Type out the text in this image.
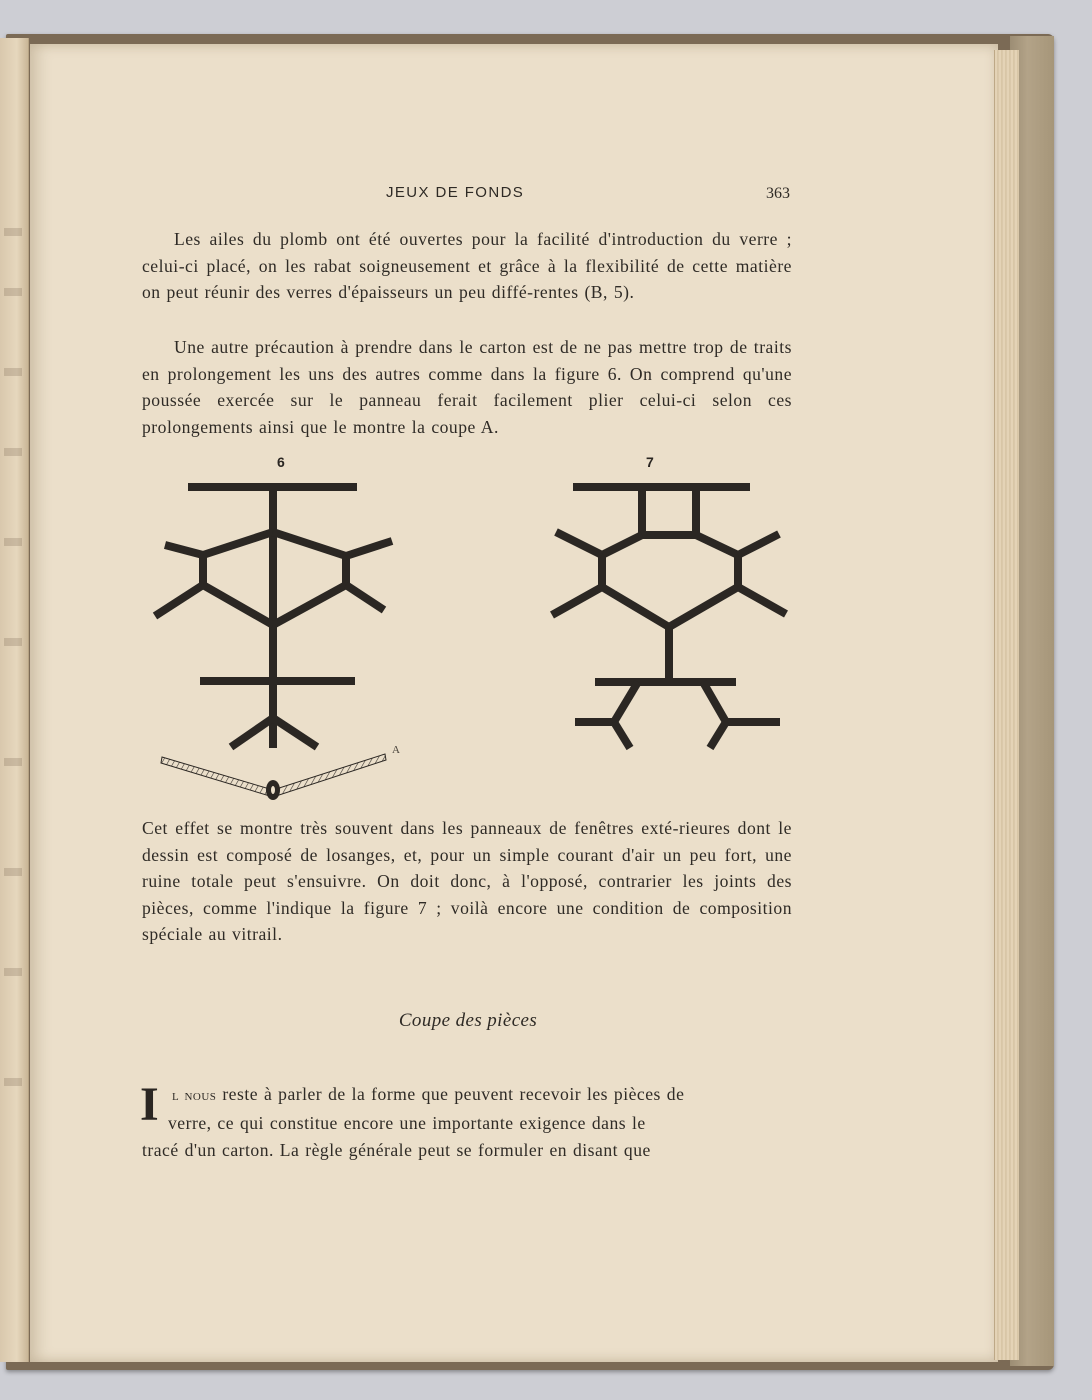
JEUX DE FONDS	363

Les ailes du plomb ont été ouvertes pour la facilité d'introduction du verre ; celui-ci placé, on les rabat soigneusement et grâce à la flexibilité de cette matière on peut réunir des verres d'épaisseurs un peu diffé-rentes (B, 5).

Une autre précaution à prendre dans le carton est de ne pas mettre trop de traits en prolongement les uns des autres comme dans la figure 6. On comprend qu'une poussée exercée sur le panneau ferait facilement plier celui-ci selon ces prolongements ainsi que le montre la coupe A.

6	7
A

Cet effet se montre très souvent dans les panneaux de fenêtres exté-rieures dont le dessin est composé de losanges, et, pour un simple courant d'air un peu fort, une ruine totale peut s'ensuivre. On doit donc, à l'opposé, contrarier les joints des pièces, comme l'indique la figure 7 ; voilà encore une condition de composition spéciale au vitrail.

Coupe des pièces
I l nous reste à parler de la forme que peuvent recevoir les pièces de
verre, ce qui constitue encore une importante exigence dans le
tracé d'un carton. La règle générale peut se formuler en disant que
